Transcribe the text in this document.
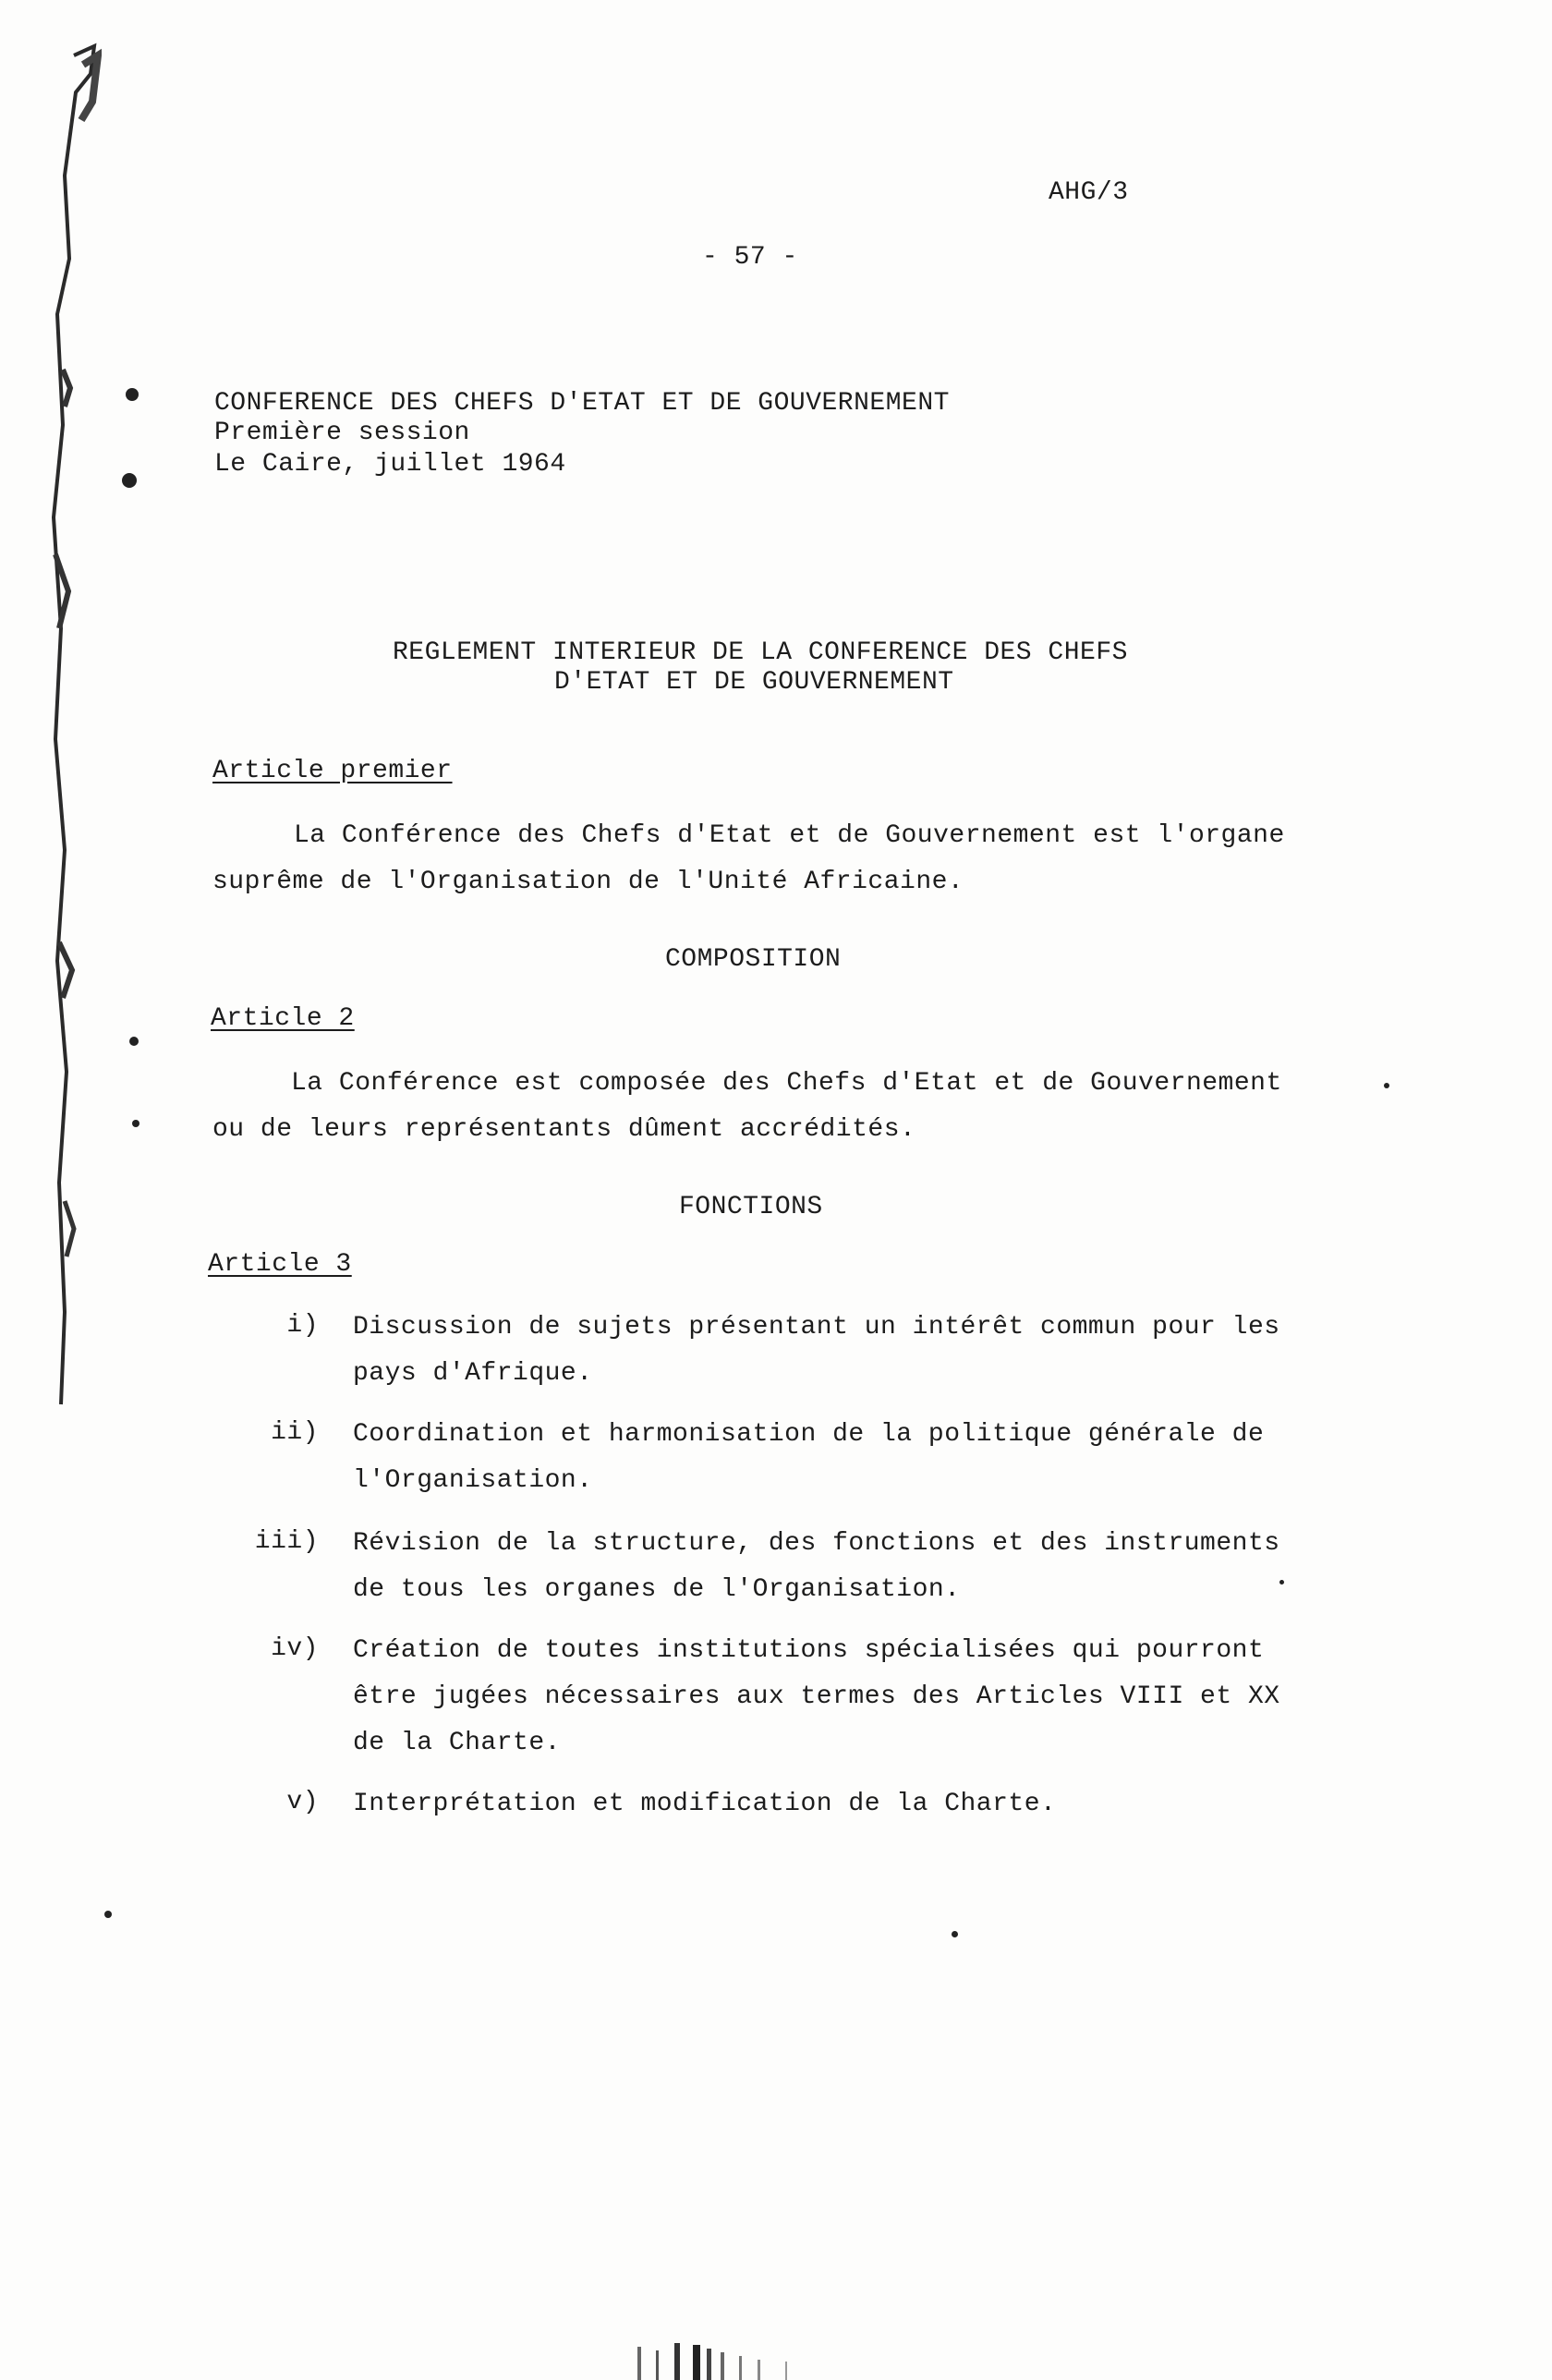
AHG/3
- 57 -
CONFERENCE DES CHEFS D'ETAT ET DE GOUVERNEMENT
Première session
Le Caire, juillet 1964
REGLEMENT INTERIEUR DE LA CONFERENCE DES CHEFS
D'ETAT ET DE GOUVERNEMENT
Article premier
La Conférence des Chefs d'Etat et de Gouvernement est l'organe
suprême de l'Organisation de l'Unité Africaine.
COMPOSITION
Article 2
La Conférence est composée des Chefs d'Etat et de Gouvernement
ou de leurs représentants dûment accrédités.
FONCTIONS
Article 3
i) Discussion de sujets présentant un intérêt commun pour les
pays d'Afrique.
ii) Coordination et harmonisation de la politique générale de
l'Organisation.
iii) Révision de la structure, des fonctions et des instruments
de tous les organes de l'Organisation.
iv) Création de toutes institutions spécialisées qui pourront
être jugées nécessaires aux termes des Articles VIII et XX
de la Charte.
v) Interprétation et modification de la Charte.
